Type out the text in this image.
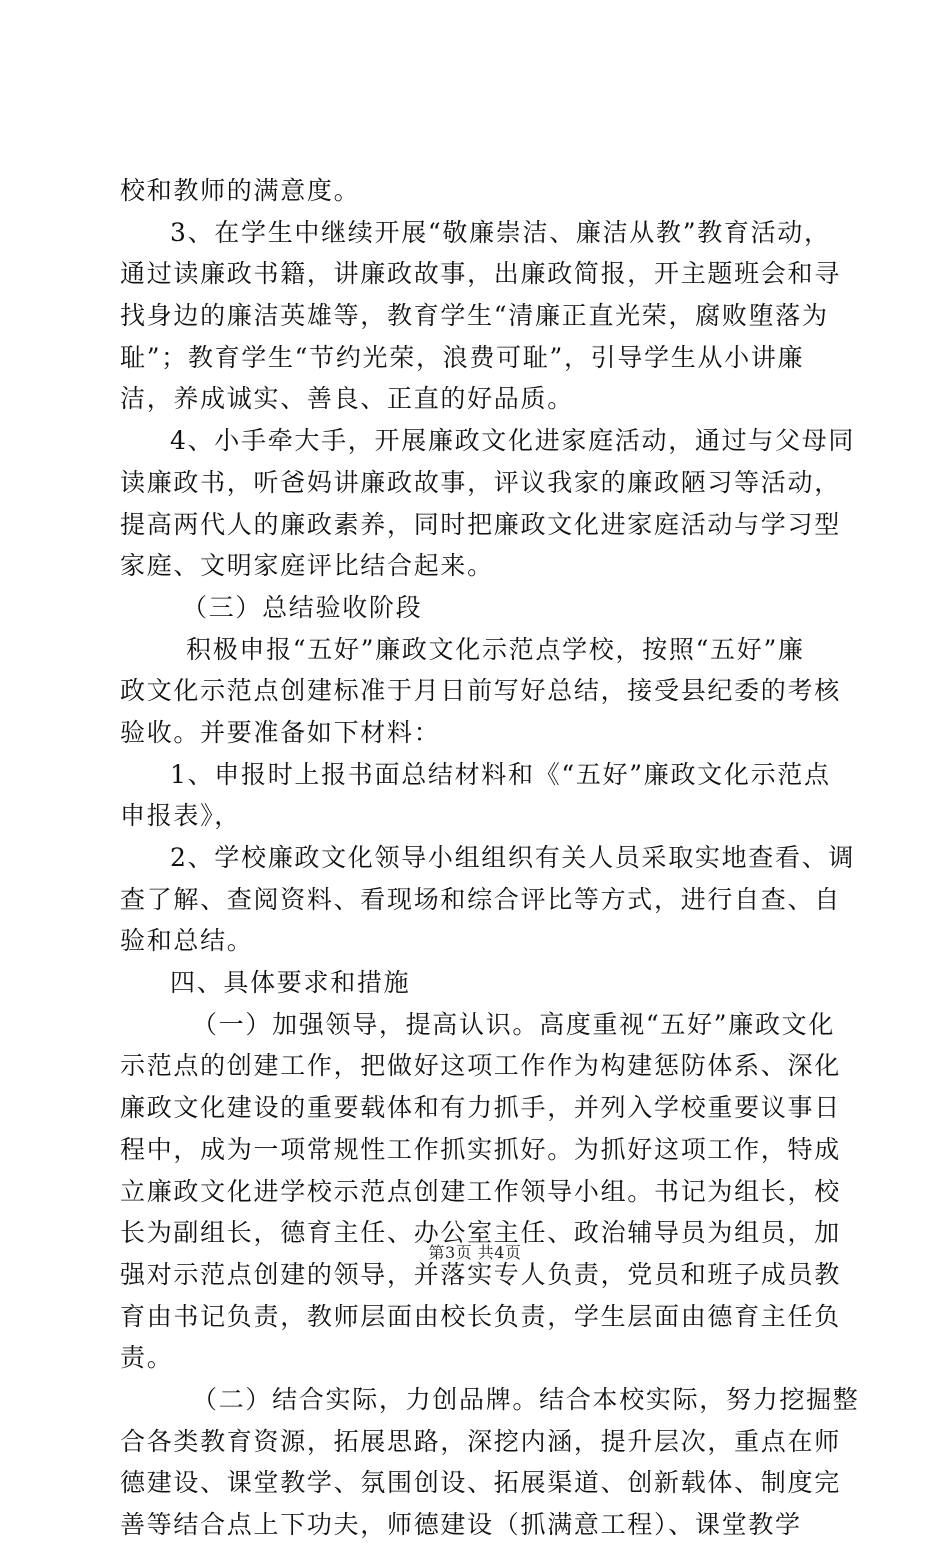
校和教师的满意度。
3、在学生中继续开展“敬廉崇洁、廉洁从教”教育活动，
通过读廉政书籍，讲廉政故事，出廉政简报，开主题班会和寻
找身边的廉洁英雄等，教育学生“清廉正直光荣，腐败堕落为
耻”；教育学生“节约光荣，浪费可耻”，引导学生从小讲廉
洁，养成诚实、善良、正直的好品质。
4、小手牵大手，开展廉政文化进家庭活动，通过与父母同
读廉政书，听爸妈讲廉政故事，评议我家的廉政陋习等活动，
提高两代人的廉政素养，同时把廉政文化进家庭活动与学习型
家庭、文明家庭评比结合起来。
（三）总结验收阶段
积极申报“五好”廉政文化示范点学校，按照“五好”廉
政文化示范点创建标准于月日前写好总结，接受县纪委的考核
验收。并要准备如下材料：
1、申报时上报书面总结材料和《“五好”廉政文化示范点
申报表》，
2、学校廉政文化领导小组组织有关人员采取实地查看、调
查了解、查阅资料、看现场和综合评比等方式，进行自查、自
验和总结。
四、具体要求和措施
（一）加强领导，提高认识。高度重视“五好”廉政文化
示范点的创建工作，把做好这项工作作为构建惩防体系、深化
廉政文化建设的重要载体和有力抓手，并列入学校重要议事日
程中，成为一项常规性工作抓实抓好。为抓好这项工作，特成
立廉政文化进学校示范点创建工作领导小组。书记为组长，校
长为副组长，德育主任、办公室主任、政治辅导员为组员，加
强对示范点创建的领导，并落实专人负责，党员和班子成员教
育由书记负责，教师层面由校长负责，学生层面由德育主任负
责。
（二）结合实际，力创品牌。结合本校实际，努力挖掘整
合各类教育资源，拓展思路，深挖内涵，提升层次，重点在师
德建设、课堂教学、氛围创设、拓展渠道、创新载体、制度完
善等结合点上下功夫，师德建设（抓满意工程）、课堂教学
第3页 共4页
